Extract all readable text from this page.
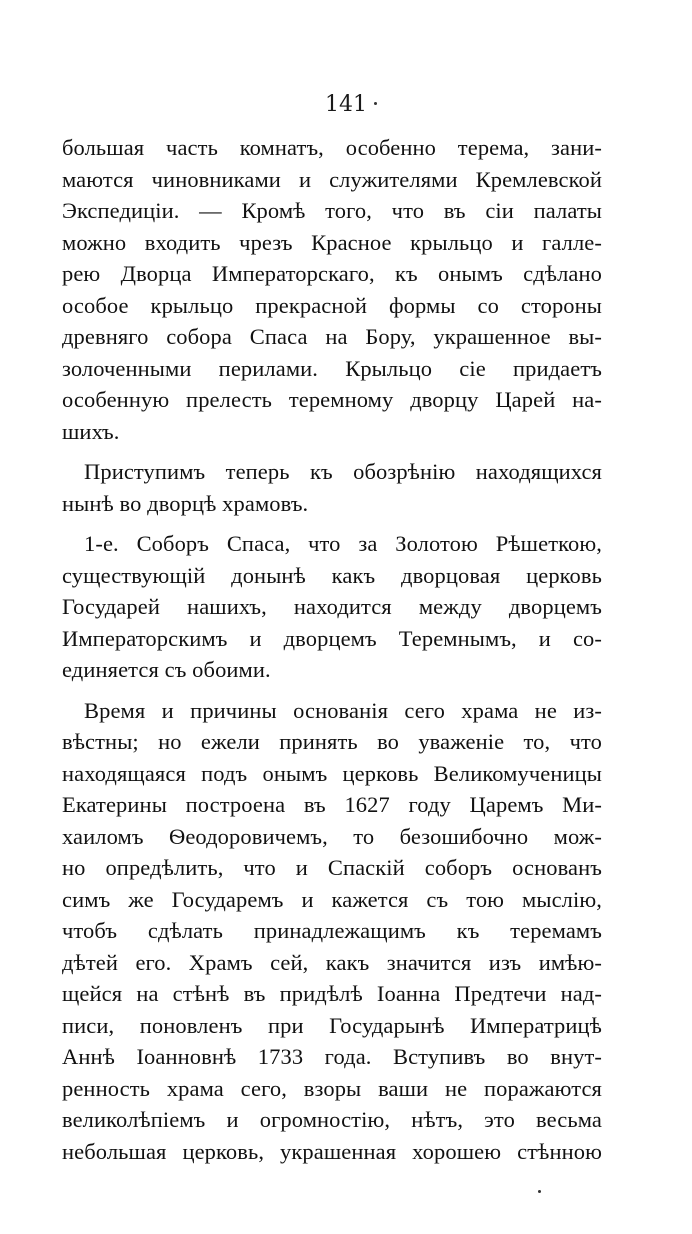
141
большая часть комнатъ, особенно терема, зани-
маются чиновниками и служителями Кремлевской
Экспедиціи. — Кромѣ того, что въ сіи палаты
можно входить чрезъ Красное крыльцо и галле-
рею Дворца Императорскаго, къ онымъ сдѣлано
особое крыльцо прекрасной формы со стороны
древняго собора Спаса на Бору, украшенное вы-
золоченными перилами. Крыльцо сіе придаетъ
особенную прелесть теремному дворцу Царей на-
шихъ.
Приступимъ теперь къ обозрѣнію находящихся
нынѣ во дворцѣ храмовъ.
1-е. Соборъ Спаса, что за Золотою Рѣшеткою,
существующій донынѣ какъ дворцовая церковь
Государей нашихъ, находится между дворцемъ
Императорскимъ и дворцемъ Теремнымъ, и со-
единяется съ обоими.
Время и причины основанія сего храма не из-
вѣстны; но ежели принять во уваженіе то, что
находящаяся подъ онымъ церковь Великомученицы
Екатерины построена въ 1627 году Царемъ Ми-
хаиломъ Ѳеодоровичемъ, то безошибочно мож-
но опредѣлить, что и Спаскій соборъ основанъ
симъ же Государемъ и кажется съ тою мыслію,
чтобъ сдѣлать принадлежащимъ къ теремамъ
дѣтей его. Храмъ сей, какъ значится изъ имѣю-
щейся на стѣнѣ въ придѣлѣ Іоанна Предтечи над-
писи, поновленъ при Государынѣ Императрицѣ
Аннѣ Іоанновнѣ 1733 года. Вступивъ во внут-
ренность храма сего, взоры ваши не поражаются
великолѣпіемъ и огромностію, нѣтъ, это весьма
небольшая церковь, украшенная хорошею стѣнною
